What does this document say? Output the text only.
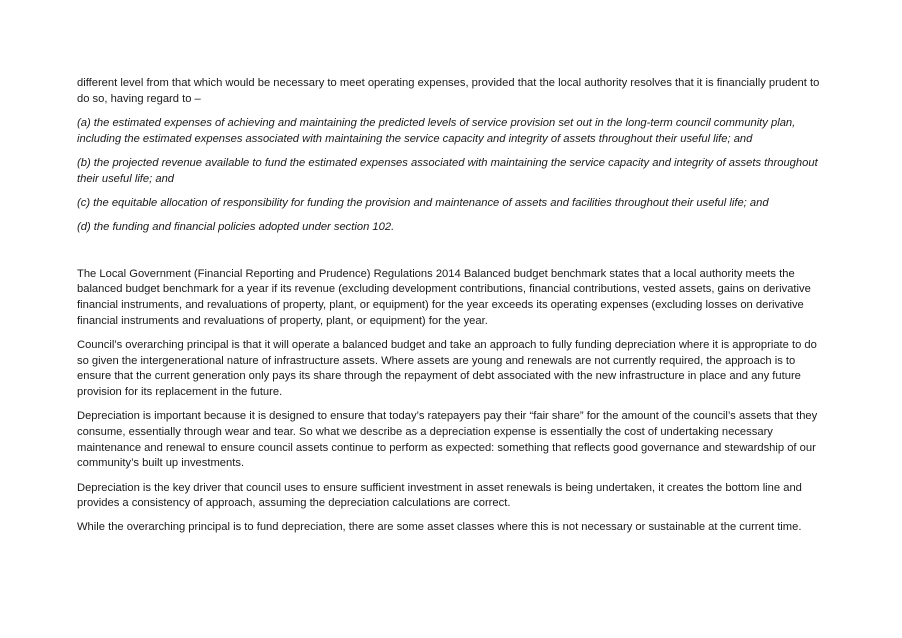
different level from that which would be necessary to meet operating expenses, provided that the local authority resolves that it is financially prudent to do so, having regard to –

(a) the estimated expenses of achieving and maintaining the predicted levels of service provision set out in the long-term council community plan, including the estimated expenses associated with maintaining the service capacity and integrity of assets throughout their useful life; and

(b) the projected revenue available to fund the estimated expenses associated with maintaining the service capacity and integrity of assets throughout their useful life; and

(c) the equitable allocation of responsibility for funding the provision and maintenance of assets and facilities throughout their useful life; and

(d) the funding and financial policies adopted under section 102.

The Local Government (Financial Reporting and Prudence) Regulations 2014 Balanced budget benchmark states that a local authority meets the balanced budget benchmark for a year if its revenue (excluding development contributions, financial contributions, vested assets, gains on derivative financial instruments, and revaluations of property, plant, or equipment) for the year exceeds its operating expenses (excluding losses on derivative financial instruments and revaluations of property, plant, or equipment) for the year.

Council’s overarching principal is that it will operate a balanced budget and take an approach to fully funding depreciation where it is appropriate to do so given the intergenerational nature of infrastructure assets. Where assets are young and renewals are not currently required, the approach is to ensure that the current generation only pays its share through the repayment of debt associated with the new infrastructure in place and any future provision for its replacement in the future.

Depreciation is important because it is designed to ensure that today’s ratepayers pay their “fair share” for the amount of the council’s assets that they consume, essentially through wear and tear. So what we describe as a depreciation expense is essentially the cost of undertaking necessary maintenance and renewal to ensure council assets continue to perform as expected: something that reflects good governance and stewardship of our community’s built up investments.

Depreciation is the key driver that council uses to ensure sufficient investment in asset renewals is being undertaken, it creates the bottom line and provides a consistency of approach, assuming the depreciation calculations are correct.

While the overarching principal is to fund depreciation, there are some asset classes where this is not necessary or sustainable at the current time.
